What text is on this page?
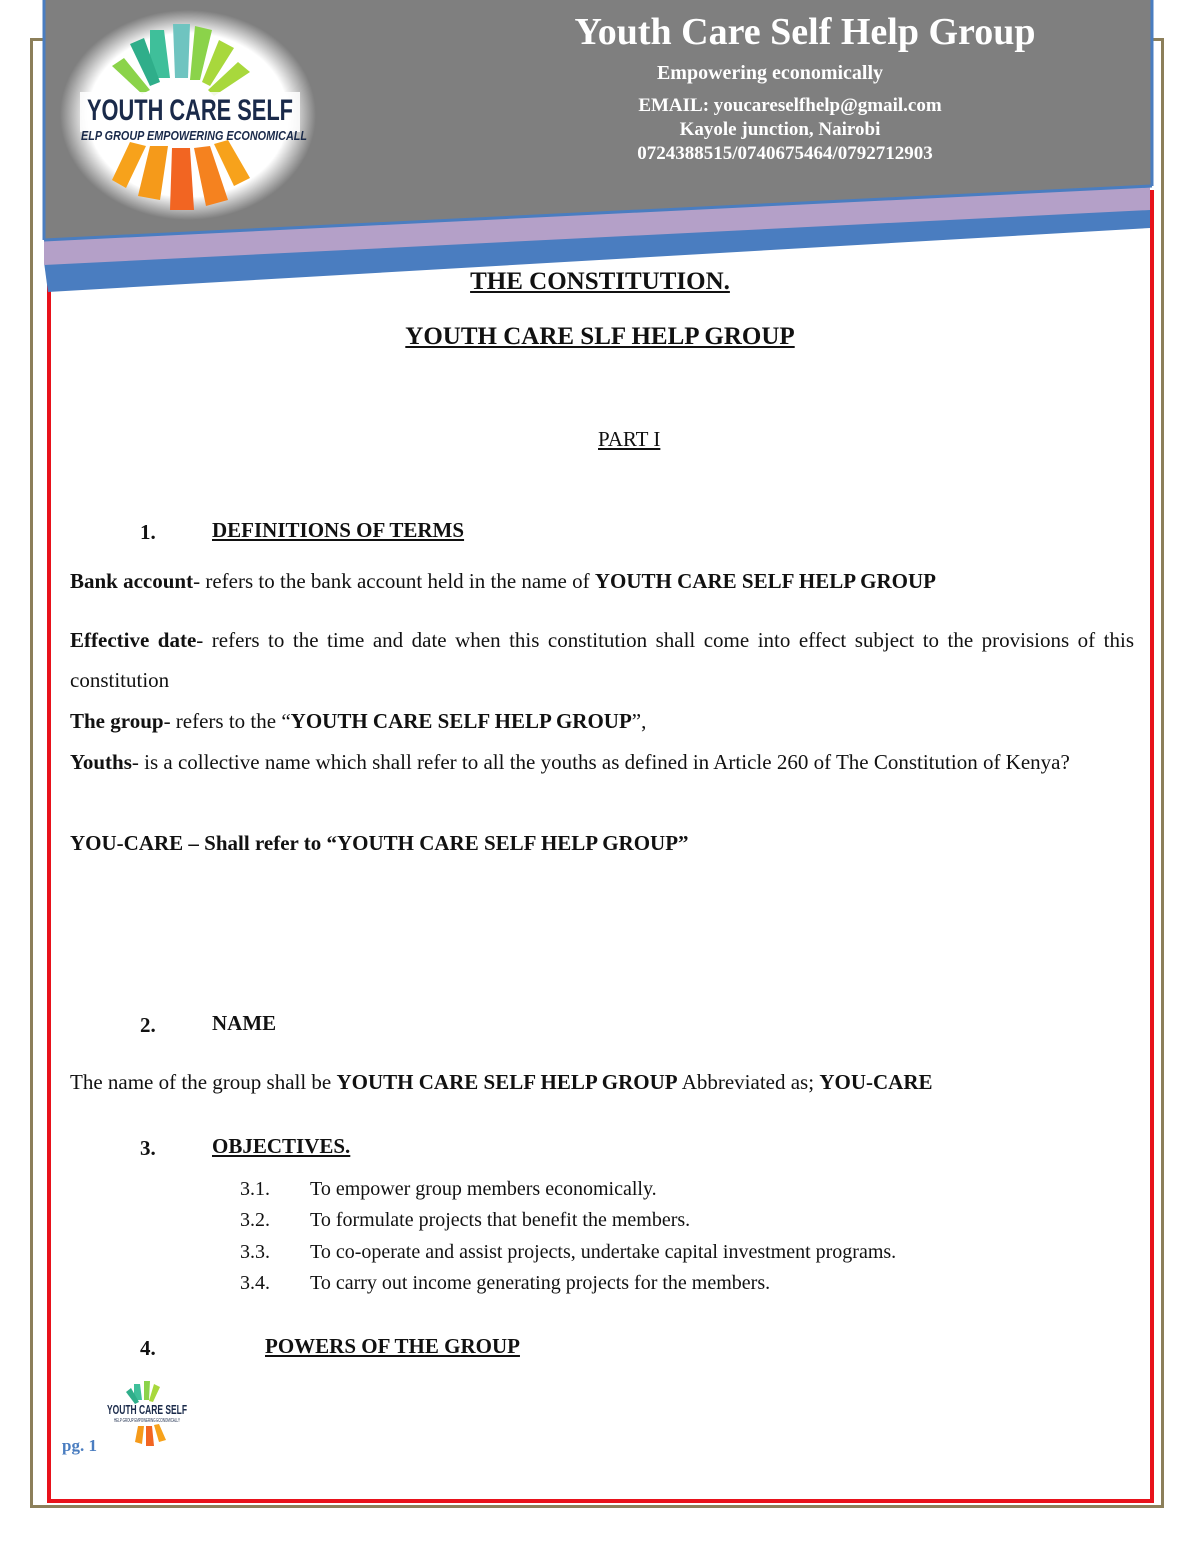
YOUTH CARE SELF
ELP GROUP EMPOWERING ECONOMICALL
Youth Care Self Help Group
Empowering economically
EMAIL: youcareselfhelp@gmail.com
Kayole junction, Nairobi
0724388515/0740675464/0792712903
THE CONSTITUTION.
YOUTH CARE SLF HELP GROUP
PART I
1.	DEFINITIONS OF TERMS
Bank account- refers to the bank account held in the name of YOUTH CARE SELF HELP GROUP
Effective date- refers to the time and date when this constitution shall come into effect subject to the provisions of this constitution
The group- refers to the “YOUTH CARE SELF HELP GROUP”,
Youths- is a collective name which shall refer to all the youths as defined in Article 260 of The Constitution of Kenya?
YOU-CARE – Shall refer to “YOUTH CARE SELF HELP GROUP”
2.	NAME
The name of the group shall be YOUTH CARE SELF HELP GROUP Abbreviated as; YOU-CARE
3.	OBJECTIVES.
3.1. To empower group members economically.
3.2. To formulate projects that benefit the members.
3.3. To co-operate and assist projects, undertake capital investment programs.
3.4. To carry out income generating projects for the members.
4.	POWERS OF THE GROUP
YOUTH CARE SELF
HELP GROUP EMPOWERING ECONOMICALLY
pg. 1
